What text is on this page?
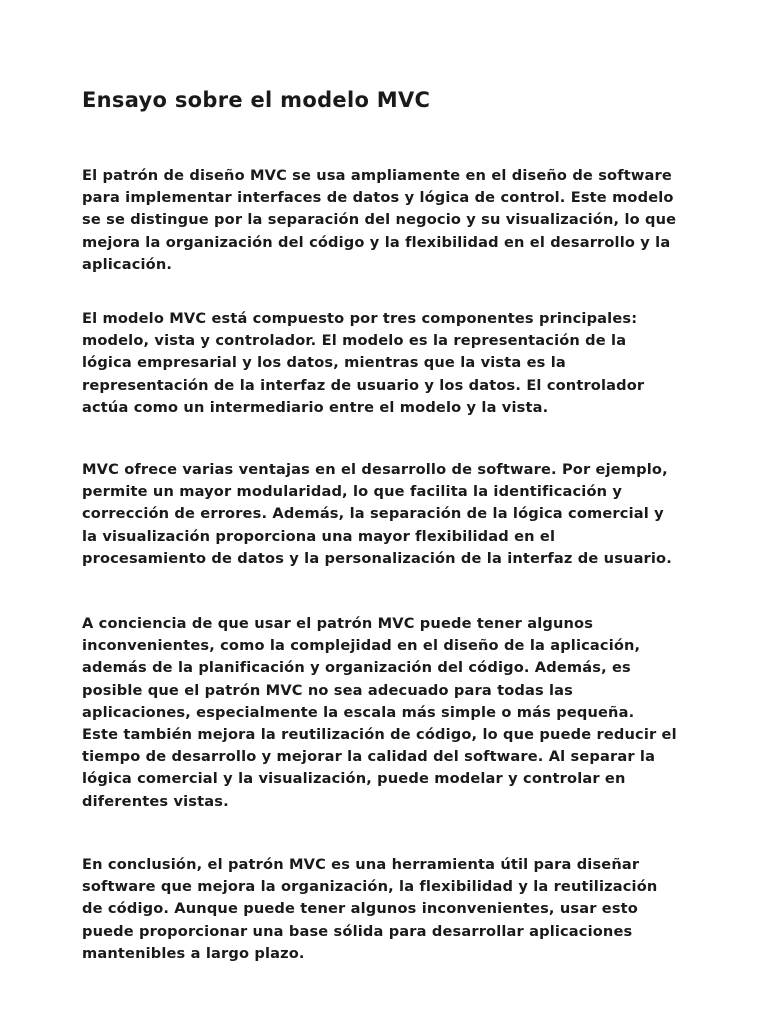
Ensayo sobre el modelo MVC

El patrón de diseño MVC se usa ampliamente en el diseño de software
para implementar interfaces de datos y lógica de control. Este modelo
se se distingue por la separación del negocio y su visualización, lo que
mejora la organización del código y la flexibilidad en el desarrollo y la
aplicación.

El modelo MVC está compuesto por tres componentes principales:
modelo, vista y controlador. El modelo es la representación de la
lógica empresarial y los datos, mientras que la vista es la
representación de la interfaz de usuario y los datos. El controlador
actúa como un intermediario entre el modelo y la vista.

MVC ofrece varias ventajas en el desarrollo de software. Por ejemplo,
permite un mayor modularidad, lo que facilita la identificación y
corrección de errores. Además, la separación de la lógica comercial y
la visualización proporciona una mayor flexibilidad en el
procesamiento de datos y la personalización de la interfaz de usuario.

A conciencia de que usar el patrón MVC puede tener algunos
inconvenientes, como la complejidad en el diseño de la aplicación,
además de la planificación y organización del código. Además, es
posible que el patrón MVC no sea adecuado para todas las
aplicaciones, especialmente la escala más simple o más pequeña.
Este también mejora la reutilización de código, lo que puede reducir el
tiempo de desarrollo y mejorar la calidad del software. Al separar la
lógica comercial y la visualización, puede modelar y controlar en
diferentes vistas.

En conclusión, el patrón MVC es una herramienta útil para diseñar
software que mejora la organización, la flexibilidad y la reutilización
de código. Aunque puede tener algunos inconvenientes, usar esto
puede proporcionar una base sólida para desarrollar aplicaciones
mantenibles a largo plazo.
